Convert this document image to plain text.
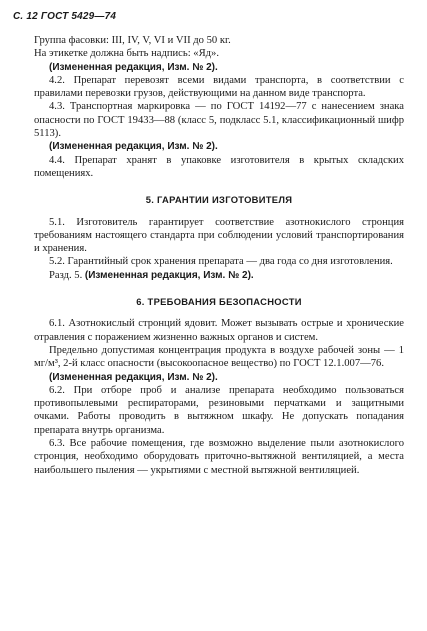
С. 12 ГОСТ 5429—74

Группа фасовки: III, IV, V, VI и VII до 50 кг.

На этикетке должна быть надпись: «Яд».

(Измененная редакция, Изм. № 2).

4.2. Препарат перевозят всеми видами транспорта, в соответствии с правилами перевозки грузов, действующими на данном виде транспорта.

4.3. Транспортная маркировка — по ГОСТ 14192—77 с нанесением знака опасности по ГОСТ 19433—88 (класс 5, подкласс 5.1, классификационный шифр 5113).

(Измененная редакция, Изм. № 2).

4.4. Препарат хранят в упаковке изготовителя в крытых складских помещениях.

5. ГАРАНТИИ ИЗГОТОВИТЕЛЯ

5.1. Изготовитель гарантирует соответствие азотнокислого стронция требованиям настоящего стандарта при соблюдении условий транспортирования и хранения.

5.2. Гарантийный срок хранения препарата — два года со дня изготовления.

Разд. 5. (Измененная редакция, Изм. № 2).

6. ТРЕБОВАНИЯ БЕЗОПАСНОСТИ

6.1. Азотнокислый стронций ядовит. Может вызывать острые и хронические отравления с поражением жизненно важных органов и систем.

Предельно допустимая концентрация продукта в воздухе рабочей зоны — 1 мг/м³, 2-й класс опасности (высокоопасное вещество) по ГОСТ 12.1.007—76.

(Измененная редакция, Изм. № 2).

6.2. При отборе проб и анализе препарата необходимо пользоваться противопылевыми респираторами, резиновыми перчатками и защитными очками. Работы проводить в вытяжном шкафу. Не допускать попадания препарата внутрь организма.

6.3. Все рабочие помещения, где возможно выделение пыли азотнокислого стронция, необходимо оборудовать приточно-вытяжной вентиляцией, а места наибольшего пыления — укрытиями с местной вытяжной вентиляцией.
